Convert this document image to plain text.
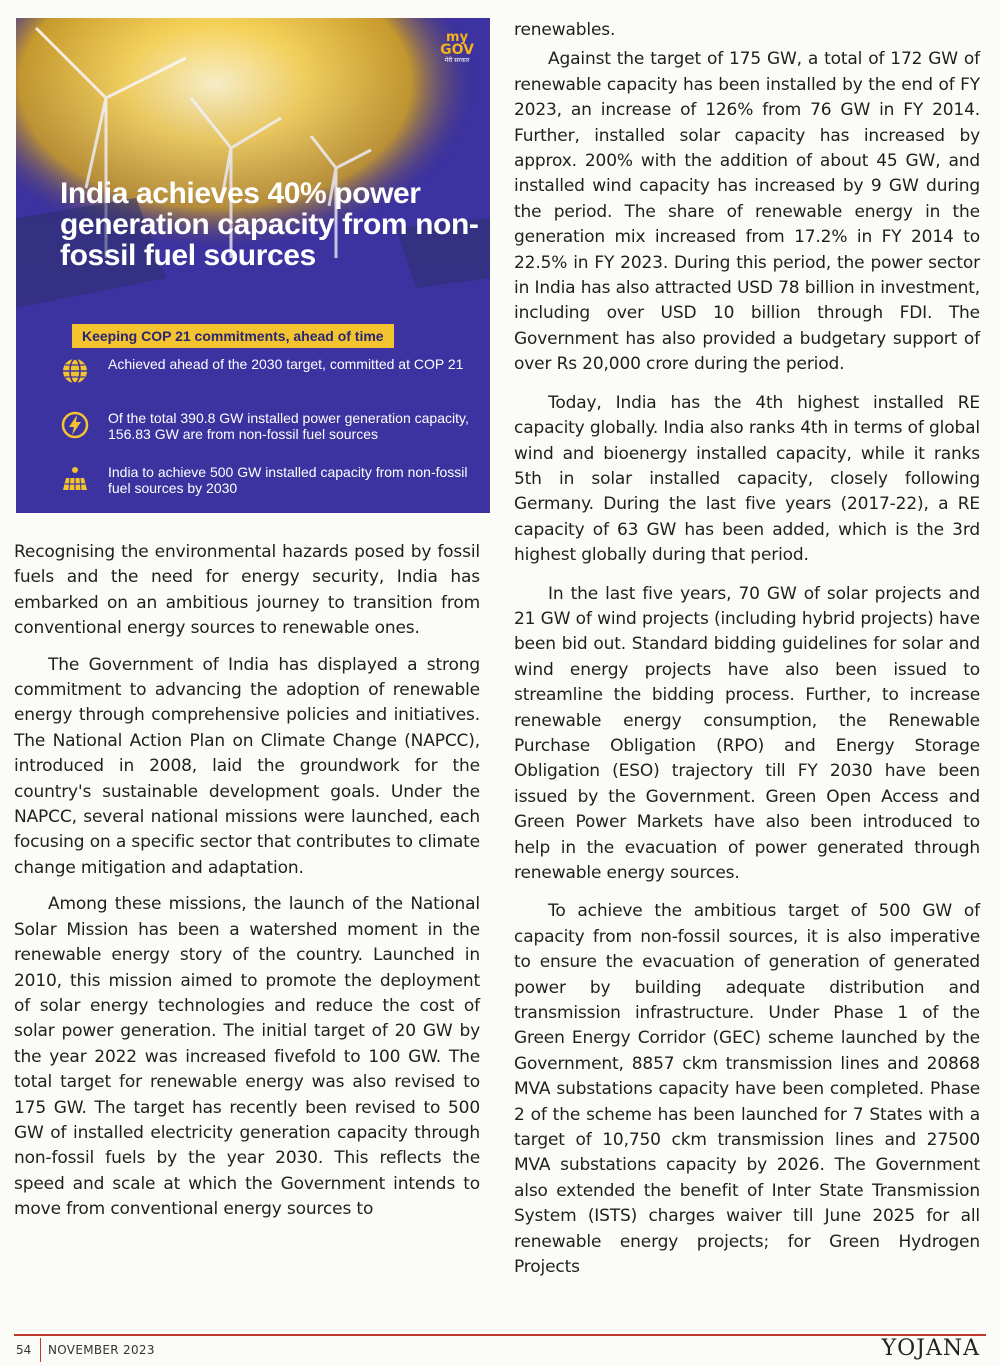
my
GOV
मेरी सरकार
India achieves 40% power generation capacity from non-fossil fuel sources
Keeping COP 21 commitments, ahead of time
Achieved ahead of the 2030 target, committed at COP 21
Of the total 390.8 GW installed power generation capacity, 156.83 GW are from non-fossil fuel sources
India to achieve 500 GW installed capacity from non-fossil fuel sources by 2030

Recognising the environmental hazards posed by fossil fuels and the need for energy security, India has embarked on an ambitious journey to transition from conventional energy sources to renewable ones.

The Government of India has displayed a strong commitment to advancing the adoption of renewable energy through comprehensive policies and initiatives. The National Action Plan on Climate Change (NAPCC), introduced in 2008, laid the groundwork for the country's sustainable development goals. Under the NAPCC, several national missions were launched, each focusing on a specific sector that contributes to climate change mitigation and adaptation.

Among these missions, the launch of the National Solar Mission has been a watershed moment in the renewable energy story of the country. Launched in 2010, this mission aimed to promote the deployment of solar energy technologies and reduce the cost of solar power generation. The initial target of 20 GW by the year 2022 was increased fivefold to 100 GW. The total target for renewable energy was also revised to 175 GW. The target has recently been revised to 500 GW of installed electricity generation capacity through non-fossil fuels by the year 2030. This reflects the speed and scale at which the Government intends to move from conventional energy sources to

renewables.

Against the target of 175 GW, a total of 172 GW of renewable capacity has been installed by the end of FY 2023, an increase of 126% from 76 GW in FY 2014. Further, installed solar capacity has increased by approx. 200% with the addition of about 45 GW, and installed wind capacity has increased by 9 GW during the period. The share of renewable energy in the generation mix increased from 17.2% in FY 2014 to 22.5% in FY 2023. During this period, the power sector in India has also attracted USD 78 billion in investment, including over USD 10 billion through FDI. The Government has also provided a budgetary support of over Rs 20,000 crore during the period.

Today, India has the 4th highest installed RE capacity globally. India also ranks 4th in terms of global wind and bioenergy installed capacity, while it ranks 5th in solar installed capacity, closely following Germany. During the last five years (2017-22), a RE capacity of 63 GW has been added, which is the 3rd highest globally during that period.

In the last five years, 70 GW of solar projects and 21 GW of wind projects (including hybrid projects) have been bid out. Standard bidding guidelines for solar and wind energy projects have also been issued to streamline the bidding process. Further, to increase renewable energy consumption, the Renewable Purchase Obligation (RPO) and Energy Storage Obligation (ESO) trajectory till FY 2030 have been issued by the Government. Green Open Access and Green Power Markets have also been introduced to help in the evacuation of power generated through renewable energy sources.

To achieve the ambitious target of 500 GW of capacity from non-fossil sources, it is also imperative to ensure the evacuation of generation of generated power by building adequate distribution and transmission infrastructure. Under Phase 1 of the Green Energy Corridor (GEC) scheme launched by the Government, 8857 ckm transmission lines and 20868 MVA substations capacity have been completed. Phase 2 of the scheme has been launched for 7 States with a target of 10,750 ckm transmission lines and 27500 MVA substations capacity by 2026. The Government also extended the benefit of Inter State Transmission System (ISTS) charges waiver till June 2025 for all renewable energy projects; for Green Hydrogen Projects

54 NOVEMBER 2023	YOJANA
